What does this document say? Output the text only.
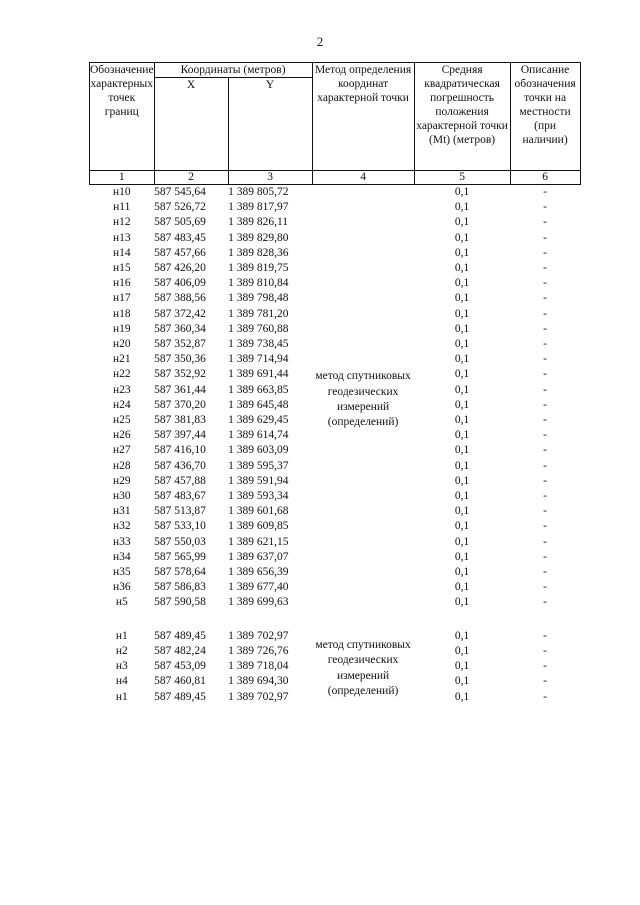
2
Обозначение характерных точек границ	Координаты (метров)		Метод определения координат характерной точки	Средняя квадратическая погрешность положения характерной точки (Mt) (метров)	Описание обозначения точки на местности (при наличии)
	X	Y			
1	2	3	4	5	6
н10	587 545,64	1 389 805,72	метод спутниковых геодезических измерений (определений)	0,1	-
н11	587 526,72	1 389 817,97		0,1	-
н12	587 505,69	1 389 826,11		0,1	-
н13	587 483,45	1 389 829,80		0,1	-
н14	587 457,66	1 389 828,36		0,1	-
н15	587 426,20	1 389 819,75		0,1	-
н16	587 406,09	1 389 810,84		0,1	-
н17	587 388,56	1 389 798,48		0,1	-
н18	587 372,42	1 389 781,20		0,1	-
н19	587 360,34	1 389 760,88		0,1	-
н20	587 352,87	1 389 738,45		0,1	-
н21	587 350,36	1 389 714,94		0,1	-
н22	587 352,92	1 389 691,44		0,1	-
н23	587 361,44	1 389 663,85		0,1	-
н24	587 370,20	1 389 645,48		0,1	-
н25	587 381,83	1 389 629,45		0,1	-
н26	587 397,44	1 389 614,74		0,1	-
н27	587 416,10	1 389 603,09		0,1	-
н28	587 436,70	1 389 595,37		0,1	-
н29	587 457,88	1 389 591,94		0,1	-
н30	587 483,67	1 389 593,34		0,1	-
н31	587 513,87	1 389 601,68		0,1	-
н32	587 533,10	1 389 609,85		0,1	-
н33	587 550,03	1 389 621,15		0,1	-
н34	587 565,99	1 389 637,07		0,1	-
н35	587 578,64	1 389 656,39		0,1	-
н36	587 586,83	1 389 677,40		0,1	-
н5	587 590,58	1 389 699,63		0,1	-

н1	587 489,45	1 389 702,97	метод спутниковых геодезических измерений (определений)	0,1	-
н2	587 482,24	1 389 726,76		0,1	-
н3	587 453,09	1 389 718,04		0,1	-
н4	587 460,81	1 389 694,30		0,1	-
н1	587 489,45	1 389 702,97		0,1	-
